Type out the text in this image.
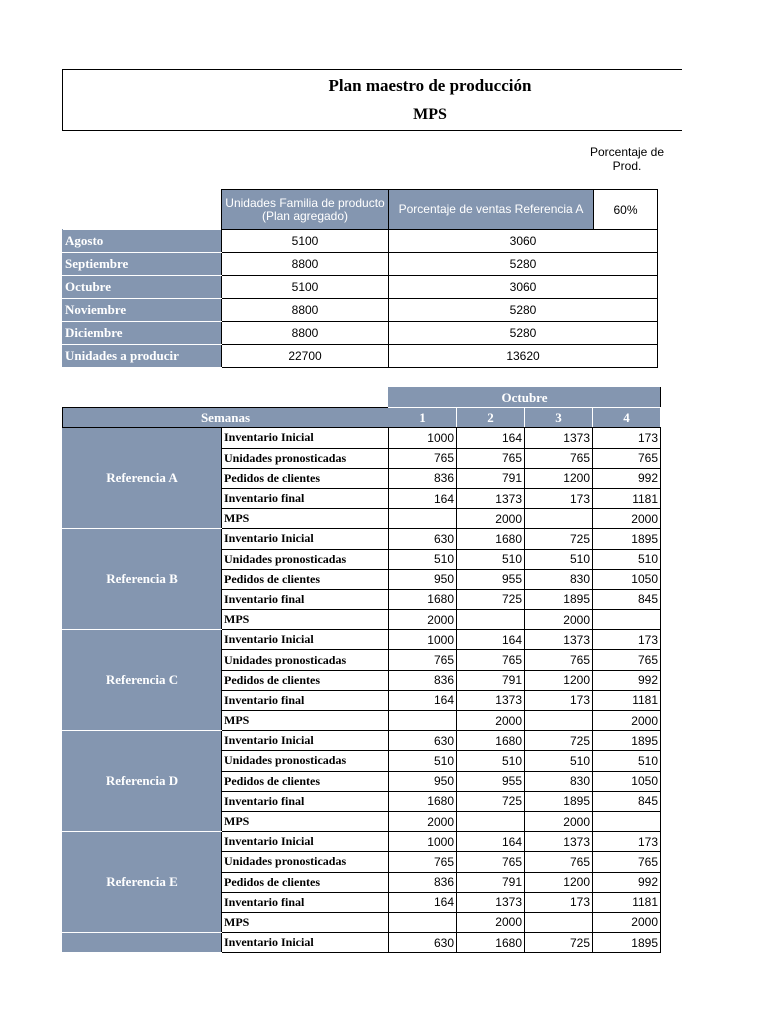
Plan maestro de producción
MPS
Porcentaje de Prod.
	Unidades Familia de producto (Plan agregado)	Porcentaje de ventas Referencia A	60%
Agosto	5100	3060	
Septiembre	8800	5280	
Octubre	5100	3060	
Noviembre	8800	5280	
Diciembre	8800	5280	
Unidades a producir	22700	13620	
		Octubre			
Semanas		1	2	3	4
Referencia A	Inventario Inicial	1000	164	1373	173
	Unidades pronosticadas	765	765	765	765
	Pedidos de clientes	836	791	1200	992
	Inventario final	164	1373	173	1181
	MPS		2000		2000
Referencia B	Inventario Inicial	630	1680	725	1895
	Unidades pronosticadas	510	510	510	510
	Pedidos de clientes	950	955	830	1050
	Inventario final	1680	725	1895	845
	MPS	2000		2000	
Referencia C	Inventario Inicial	1000	164	1373	173
	Unidades pronosticadas	765	765	765	765
	Pedidos de clientes	836	791	1200	992
	Inventario final	164	1373	173	1181
	MPS		2000		2000
Referencia D	Inventario Inicial	630	1680	725	1895
	Unidades pronosticadas	510	510	510	510
	Pedidos de clientes	950	955	830	1050
	Inventario final	1680	725	1895	845
	MPS	2000		2000	
Referencia E	Inventario Inicial	1000	164	1373	173
	Unidades pronosticadas	765	765	765	765
	Pedidos de clientes	836	791	1200	992
	Inventario final	164	1373	173	1181
	MPS		2000		2000
	Inventario Inicial	630	1680	725	1895
